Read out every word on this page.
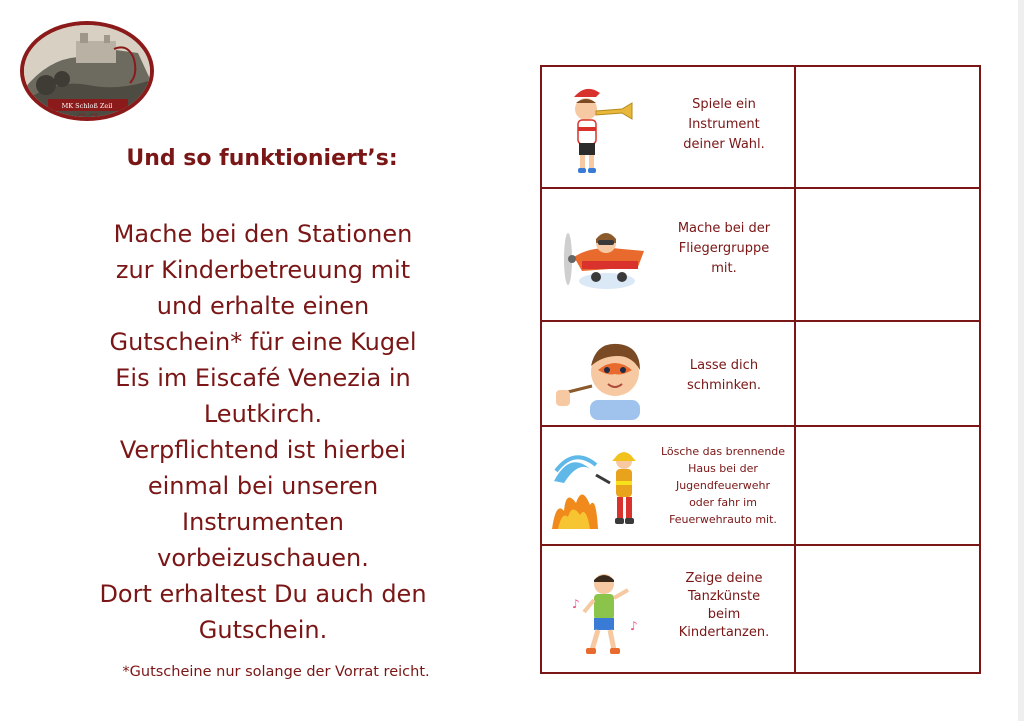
MK Schloß Zeil
1898 · 1998
Und so funktioniert’s:
Mache bei den Stationen
zur Kinderbetreuung mit
und erhalte einen
Gutschein* für eine Kugel
Eis im Eiscafé Venezia in
Leutkirch.
Verpflichtend ist hierbei
einmal bei unseren
Instrumenten
vorbeizuschauen.
Dort erhaltest Du auch den
Gutschein.
*Gutscheine nur solange der Vorrat reicht.
Spiele ein
Instrument
deiner Wahl.
Mache bei der
Fliegergruppe
mit.
Lasse dich
schminken.
Lösche das brennende
Haus bei der
Jugendfeuerwehr
oder fahr im
Feuerwehrauto mit.
♪
♪
Zeige deine
Tanzkünste
beim
Kindertanzen.
